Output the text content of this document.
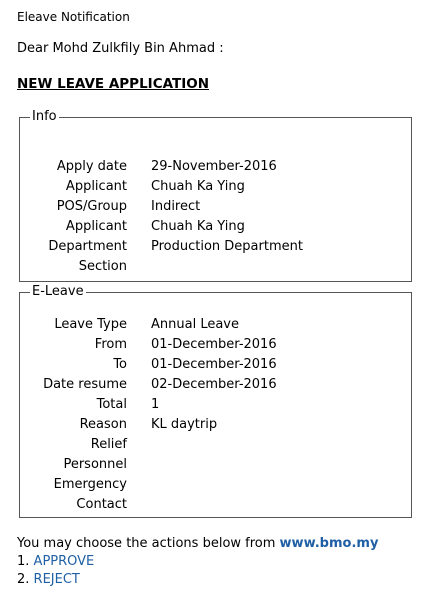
Eleave Notification
Dear Mohd Zulkfily Bin Ahmad :
NEW LEAVE APPLICATION
Info
Apply date 29-November-2016
Applicant Chuah Ka Ying
POS/Group Indirect
Applicant Chuah Ka Ying
Department Production Department
Section
E-Leave
Leave Type Annual Leave
From 01-December-2016
To 01-December-2016
Date resume 02-December-2016
Total 1
Reason KL daytrip
Relief
Personnel
Emergency
Contact
You may choose the actions below from www.bmo.my
1. APPROVE
2. REJECT
